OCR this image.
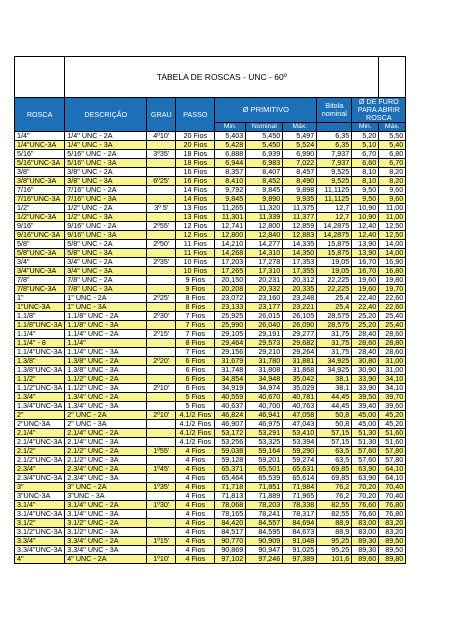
	TABELA DE ROSCAS - UNC - 60º								
ROSCA	DESCRIÇÃO	GRAU	PASSO	Ø PRIMITIVO			Bitola nominal	Ø DE FURO PARA ABRIR ROSCA	
				Min.	Nominal	Máx.		Min.	Máx.
1/4"	1/4" UNC - 2A	4º10'	20 Fios	5,403	5,450	5,497	6,35	5,20	5,50
1/4"UNC-3A	1/4" UNC - 3A		20 Fios	5,428	5,450	5,524	6,35	5,10	5,40
5/16"	5/16" UNC - 2A	3º35'	18 Fios	6,888	6,939	6,990	7,937	6,70	6,80
5/16"UNC-3A	5/16" UNC - 3A		18 Fios	6,944	6,983	7,022	7,937	6,60	6,70
3/8"	3/8" UNC - 2A		16 Fios	8,357	8,407	8,457	9,525	8,10	8,20
3/8"UNC-3A	3/8" UNC - 3A	6º25'	16 Fios	8,410	8,452	8,490	9,525	8,10	8,20
7/16"	7/16" UNC - 2A		14 Fios	9,792	9,845	9,898	11,1125	9,50	9,60
7/16"UNC-3A	7/16" UNC - 3A		14 Fios	9,845	9,890	9,935	11,1125	9,50	9,60
1/2"	1/2" UNC - 2A	3º 5'	13 Fios	11,265	11,320	11,375	12,7	10,90	11,00
1/2"UNC-3A	1/2" UNC - 3A		13 Fios	11,301	11,339	11,377	12,7	10,90	11,00
9/16"	9/16" UNC - 2A	2º55'	12 Fios	12,741	12,800	12,859	14,2875	12,40	12,50
9/16"UNC-3A	9/16" UNC - 3A		12 Fios	12,800	12,840	12,883	14,2875	12,40	12,50
5/8"	5/8" UNC - 2A	2º50'	11 Fios	14,210	14,277	14,335	15,875	13,90	14,00
5/8"UNC-3A	5/8" UNC - 3A		11 Fios	14,268	14,310	14,350	15,875	13,90	14,00
3/4"	3/4" UNC - 2A	2º35'	10 Fios	17,203	17,278	17,353	19,05	16,70	16,90
3/4"UNC-3A	3/4" UNC - 3A		10 Fios	17,265	17,310	17,355	19,05	16,70	16,80
7/8"	7/8" UNC - 2A		9 Fios	20,150	20,231	20,312	22,225	19,60	19,80
7/8"UNC-3A	7/8" UNC - 3A		9 Fios	20,208	20,332	20,335	22,225	19,60	19,70
1"	1" UNC - 2A	2º25'	8 Fios	23,072	23,160	23,248	25,4	22,40	22,60
1"UNC-3A	1" UNC - 3A		8 Fios	23,133	23,177	23,221	25,4	22,40	22,60
1.1/8"	1.1/8" UNC - 2A	2º30'	7 Fios	25,925	26,015	26,105	28,575	25,20	25,40
1.1/8"UNC-3A	1.1/8" UNC - 3A		7 Fios	25,990	26,040	26,090	28,575	25,20	25,40
1.1/4"	1.1/4" UNC - 2A	2º15'	7 Fios	29,105	29,191	29,277	31,75	28,40	28,60
1.1/4" - 8	1.1/4"		8 Fios	29,464	29,573	29,682	31,75	28,60	28,80
1.1/4"UNC-3A	1.1/4" UNC - 3A		7 Fios	29,156	29,210	29,264	31,75	28,40	28,60
1.3/8"	1.3/8" UNC - 2A	2º20'	6 Fios	31,679	31,780	31,881	34,925	30,80	31,00
1.3/8"UNC-3A	1.3/8" UNC - 3A		6 Fios	31,748	31,808	31,868	34,925	30,90	31,00
1.1/2"	1.1/2" UNC - 2A		6 Fios	34,854	34,948	35,042	38,1	33,90	34,10
1.1/2"UNC-3A	1.1/2" UNC - 3A	2º10'	6 Fios	34,919	34,974	35,029	38,1	33,90	34,10
1.3/4"	1.3/4" UNC - 2A		5 Fios	40,559	40,670	40,781	44,45	39,50	39,70
1.3/4"UNC-3A	1.3/4" UNC - 3A		5 Fios	40,637	40,700	40,763	44,45	39,40	39,60
2"	2" UNC - 2A	2º10'	4.1/2 Fios	46,824	46,941	47,058	50,8	45,00	45,20
2"UNC-3A	2" UNC - 3A		4.1/2 Fios	46,907	46,975	47,043	50,8	45,00	45,20
2.1/4"	2.1/4" UNC - 2A		4.1/2 Fios	53,172	53,291	53,410	57,15	51,30	51,60
2.1/4"UNC-3A	2.1/4" UNC - 3A		4.1/2 Fios	53,256	53,325	53,394	57,15	51,30	51,60
2.1/2"	2.1/2" UNC - 2A	1º55'	4 Fios	59,038	59,164	59,290	63,5	57,60	57,80
2.1/2"UNC-3A	2.1/2" UNC - 3A		4 Fios	59,128	59,201	59,274	63,5	57,60	57,80
2.3/4"	2.3/4" UNC - 2A	1º45'	4 Fios	65,371	65,501	65,631	69,85	63,90	64,10
2.3/4"UNC-3A	2.3/4" UNC - 3A		4 Fios	65,464	65,539	65,614	69,85	63,90	64,10
3"	3" UNC - 2A	1º35'	4 Fios	71,718	71,851	71,984	76,2	70,20	70,40
3"UNC-3A	3"UNC - 3A		4 Fios	71,813	71,889	71,965	76,2	70,20	70,40
3.1/4"	3.1/4" UNC - 2A	1º30'	4 Fios	78,068	78,203	78,338	82,55	76,60	76,80
3.1/4"UNC-3A	3.1/4" UNC - 3A		4 Fios	78,165	78,241	78,317	82,55	76,60	76,80
3.1/2"	3.1/2" UNC - 2A		4 Fios	84,420	84,557	84,694	88,9	83,00	83,20
3.1/2"UNC-3A	3.1/2" UNC - 3A		4 Fios	84,517	84,595	84,673	88,9	83,00	83,20
3.3/4"	3.3/4" UNC - 2A	1º15'	4 Fios	90,770	90,909	91,048	95,25	89,30	89,50
3.3/4"UNC-3A	3.3/4" UNC - 3A		4 Fios	90,869	90,947	91,025	95,25	89,30	89,50
4"	4" UNC - 2A	1º10'	4 Fios	97,102	97,246	97,389	101,6	89,60	89,80
